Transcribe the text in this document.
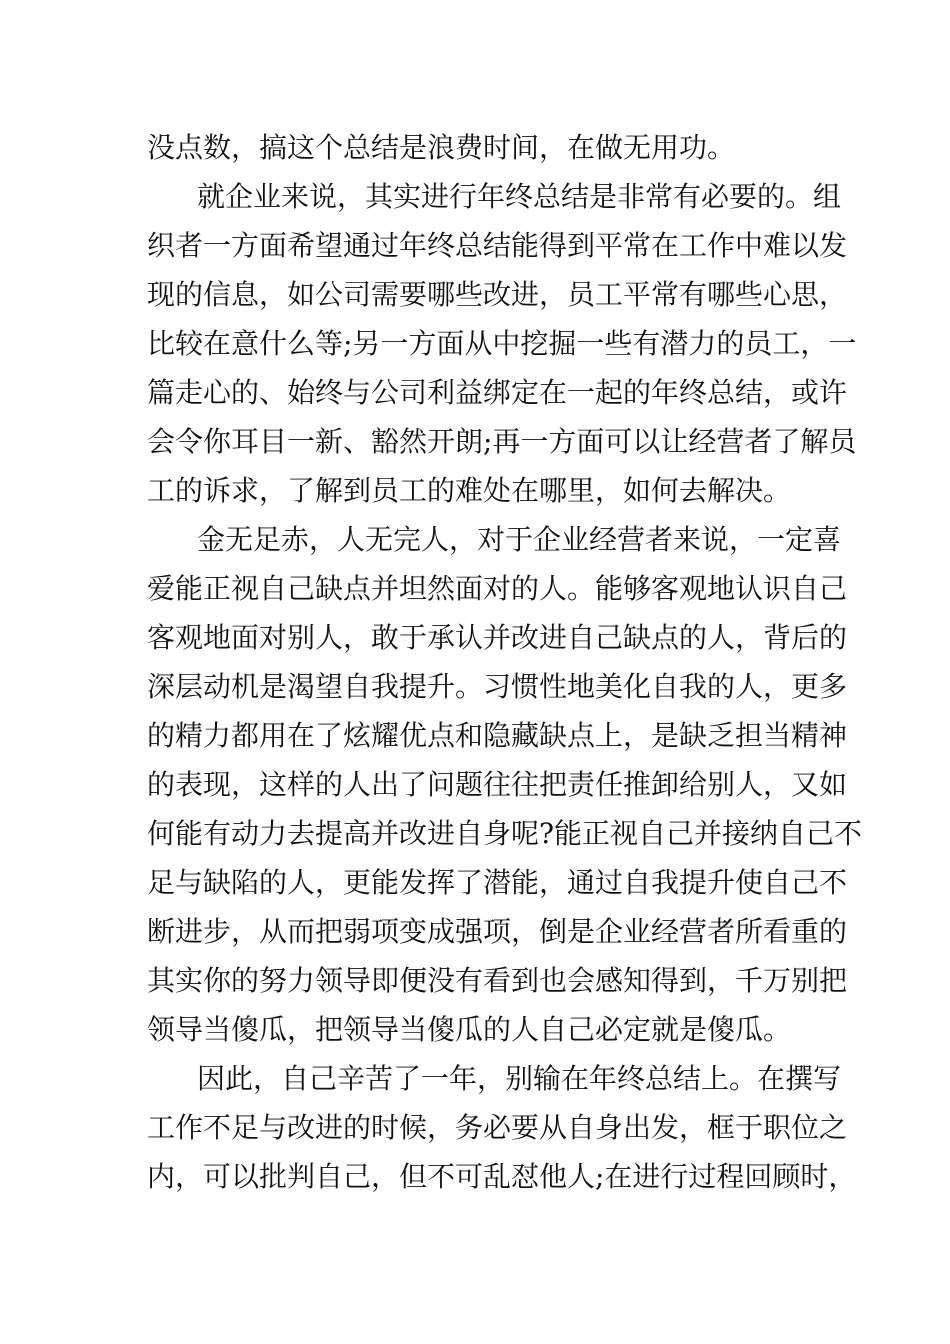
没点数，搞这个总结是浪费时间，在做无用功。
就企业来说，其实进行年终总结是非常有必要的。组
织者一方面希望通过年终总结能得到平常在工作中难以发
现的信息，如公司需要哪些改进，员工平常有哪些心思，
比较在意什么等;另一方面从中挖掘一些有潜力的员工，一
篇走心的、始终与公司利益绑定在一起的年终总结，或许
会令你耳目一新、豁然开朗;再一方面可以让经营者了解员
工的诉求，了解到员工的难处在哪里，如何去解决。
金无足赤，人无完人，对于企业经营者来说，一定喜
爱能正视自己缺点并坦然面对的人。能够客观地认识自己
客观地面对别人，敢于承认并改进自己缺点的人，背后的
深层动机是渴望自我提升。习惯性地美化自我的人，更多
的精力都用在了炫耀优点和隐藏缺点上，是缺乏担当精神
的表现，这样的人出了问题往往把责任推卸给别人，又如
何能有动力去提高并改进自身呢?能正视自己并接纳自己不
足与缺陷的人，更能发挥了潜能，通过自我提升使自己不
断进步，从而把弱项变成强项，倒是企业经营者所看重的
其实你的努力领导即便没有看到也会感知得到，千万别把
领导当傻瓜，把领导当傻瓜的人自己必定就是傻瓜。
因此，自己辛苦了一年，别输在年终总结上。在撰写
工作不足与改进的时候，务必要从自身出发，框于职位之
内，可以批判自己，但不可乱怼他人;在进行过程回顾时，
